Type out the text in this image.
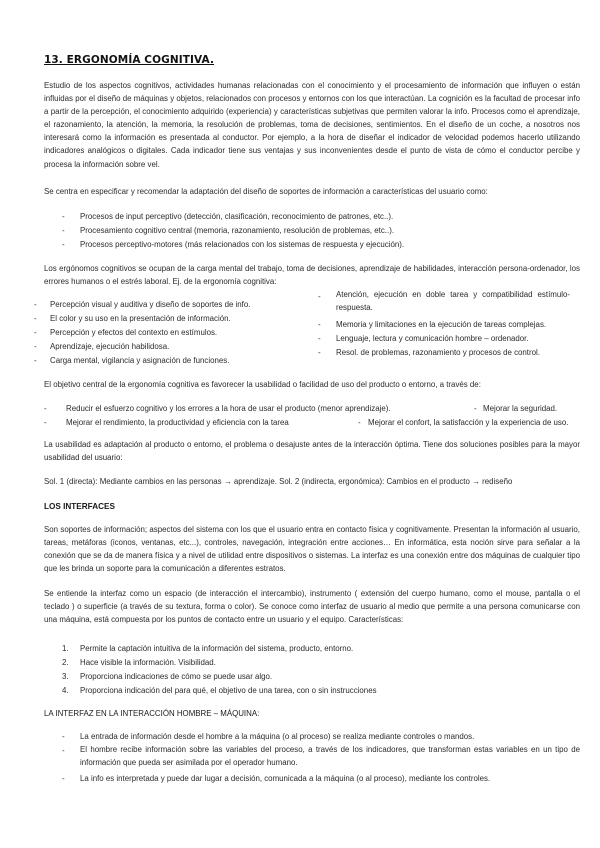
13. ERGONOMÍA COGNITIVA.

Estudio de los aspectos cognitivos, actividades humanas relacionadas con el conocimiento y el procesamiento de información que influyen o están influidas por el diseño de máquinas y objetos, relacionados con procesos y entornos con los que interactúan. La cognición es la facultad de procesar info a partir de la percepción, el conocimiento adquirido (experiencia) y características subjetivas que permiten valorar la info. Procesos como el aprendizaje, el razonamiento, la atención, la memoria, la resolución de problemas, toma de decisiones, sentimientos. En el diseño de un coche, a nosotros nos interesará como la información es presentada al conductor. Por ejemplo, a la hora de diseñar el indicador de velocidad podemos hacerlo utilizando indicadores analógicos o digitales. Cada indicador tiene sus ventajas y sus inconvenientes desde el punto de vista de cómo el conductor percibe y procesa la información sobre vel.

Se centra en especificar y recomendar la adaptación del diseño de soportes de información a características del usuario como:

- Procesos de input perceptivo (detección, clasificación, reconocimiento de patrones, etc..).
- Procesamiento cognitivo central (memoria, razonamiento, resolución de problemas, etc..).
- Procesos perceptivo-motores (más relacionados con los sistemas de respuesta y ejecución).

Los ergónomos cognitivos se ocupan de la carga mental del trabajo, toma de decisiones, aprendizaje de habilidades, interacción persona-ordenador, los errores humanos o el estrés laboral. Ej. de la ergonomía cognitiva:

- Percepción visual y auditiva y diseño de soportes de info.
- El color y su uso en la presentación de información.
- Percepción y efectos del contexto en estímulos.
- Aprendizaje, ejecución habilidosa.
- Carga mental, vigilancia y asignación de funciones.
- Atención, ejecución en doble tarea y compatibilidad estímulo-respuesta.
- Memoria y limitaciones en la ejecución de tareas complejas.
- Lenguaje, lectura y comunicación hombre – ordenador.
- Resol. de problemas, razonamiento y procesos de control.

El objetivo central de la ergonomía cognitiva es favorecer la usabilidad o facilidad de uso del producto o entorno, a través de:

- Reducir el esfuerzo cognitivo y los errores a la hora de usar el producto (menor aprendizaje).	- Mejorar la seguridad.
- Mejorar el rendimiento, la productividad y eficiencia con la tarea	- Mejorar el confort, la satisfacción y la experiencia de uso.

La usabilidad es adaptación al producto o entorno, el problema o desajuste antes de la interacción óptima. Tiene dos soluciones posibles para la mayor usabilidad del usuario:

Sol. 1 (directa): Mediante cambios en las personas → aprendizaje. Sol. 2 (indirecta, ergonómica): Cambios en el producto → rediseño
LOS INTERFACES

Son soportes de información; aspectos del sistema con los que el usuario entra en contacto física y cognitivamente. Presentan la información al usuario, tareas, metáforas (iconos, ventanas, etc...), controles, navegación, integración entre acciones… En informática, esta noción sirve para señalar a la conexión que se da de manera física y a nivel de utilidad entre dispositivos o sistemas. La interfaz es una conexión entre dos máquinas de cualquier tipo que les brinda un soporte para la comunicación a diferentes estratos.

Se entiende la interfaz como un espacio (de interacción el intercambio), instrumento ( extensión del cuerpo humano, como el mouse, pantalla o el teclado ) o superficie (a través de su textura, forma o color). Se conoce como interfaz de usuario al medio que permite a una persona comunicarse con una máquina, está compuesta por los puntos de contacto entre un usuario y el equipo. Características:

1. Permite la captación intuitiva de la información del sistema, producto, entorno.
2. Hace visible la información. Visibilidad.
3. Proporciona indicaciones de cómo se puede usar algo.
4. Proporciona indicación del para qué, el objetivo de una tarea, con o sin instrucciones
LA INTERFAZ EN LA INTERACCIÓN HOMBRE – MÁQUINA:
- La entrada de información desde el hombre a la máquina (o al proceso) se realiza mediante controles o mandos.
- El hombre recibe información sobre las variables del proceso, a través de los indicadores, que transforman estas variables en un tipo de información que pueda ser asimilada por el operador humano.
- La info es interpretada y puede dar lugar a decisión, comunicada a la máquina (o al proceso), mediante los controles.
